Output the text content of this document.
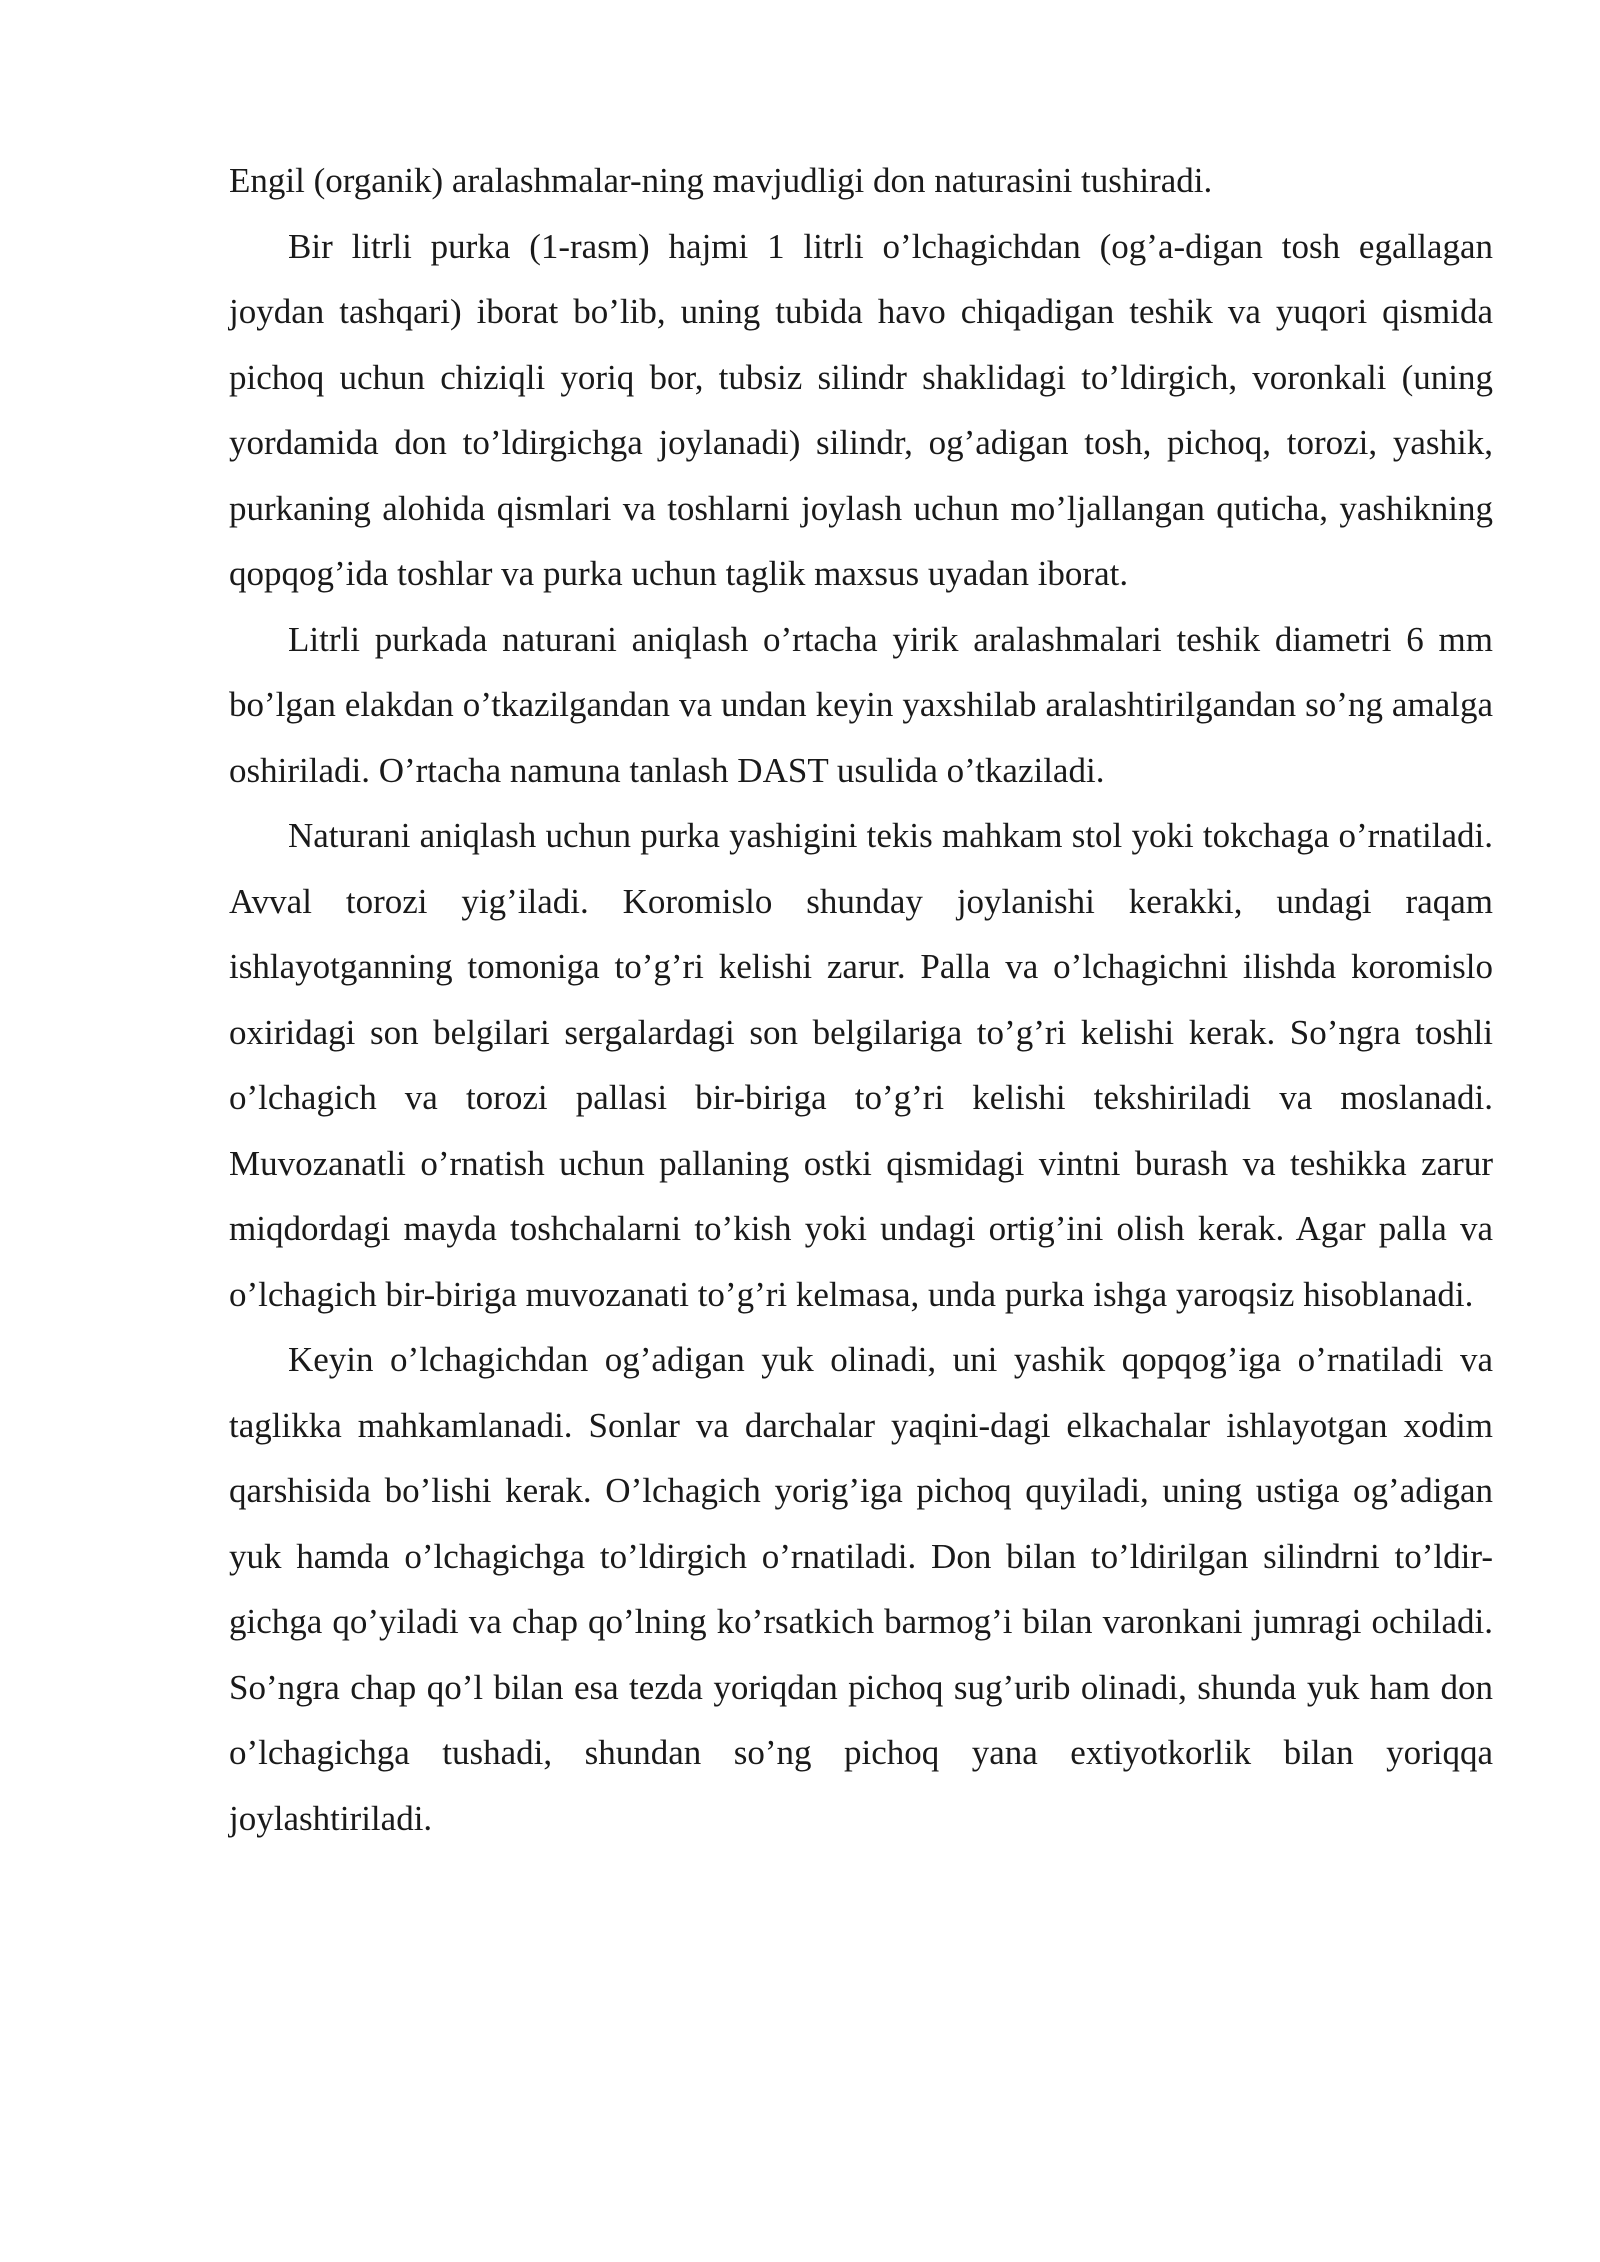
Engil (organik) aralashmalar-ning mavjudligi don naturasini tushiradi.

Bir litrli purka (1-rasm) hajmi 1 litrli o’lchagichdan (og’a-digan tosh egallagan joydan tashqari) iborat bo’lib, uning tubida havo chiqadigan teshik va yuqori qismida pichoq uchun chiziqli yoriq bor, tubsiz silindr shaklidagi to’ldirgich, voronkali (uning yordamida don to’ldirgichga joylanadi) silindr, og’adigan tosh, pichoq, torozi, yashik, purkaning alohida qismlari va toshlarni joylash uchun mo’ljallangan quticha, yashikning qopqog’ida toshlar va purka uchun taglik maxsus uyadan iborat.

Litrli purkada naturani aniqlash o’rtacha yirik aralashmalari teshik diametri 6 mm bo’lgan elakdan o’tkazilgandan va undan keyin yaxshilab aralashtirilgandan so’ng amalga oshiriladi. O’rtacha namuna tanlash DAST usulida o’tkaziladi.

Naturani aniqlash uchun purka yashigini tekis mahkam stol yoki tokchaga o’rnatiladi. Avval torozi yig’iladi. Koromislo shunday joylanishi kerakki, undagi raqam ishlayotganning tomoniga to’g’ri kelishi zarur. Palla va o’lchagichni ilishda koromislo oxiridagi son belgilari sergalardagi son belgilariga to’g’ri kelishi kerak. So’ngra toshli o’lchagich va torozi pallasi bir-biriga to’g’ri kelishi tekshiriladi va moslanadi. Muvozanatli o’rnatish uchun pallaning ostki qismidagi vintni burash va teshikka zarur miqdordagi mayda toshchalarni to’kish yoki undagi ortig’ini olish kerak. Agar palla va o’lchagich bir-biriga muvozanati to’g’ri kelmasa, unda purka ishga yaroqsiz hisoblanadi.

Keyin o’lchagichdan og’adigan yuk olinadi, uni yashik qopqog’iga o’rnatiladi va taglikka mahkamlanadi. Sonlar va darchalar yaqini-dagi elkachalar ishlayotgan xodim qarshisida bo’lishi kerak. O’lchagich yorig’iga pichoq quyiladi, uning ustiga og’adigan yuk hamda o’lchagichga to’ldirgich o’rnatiladi. Don bilan to’ldirilgan silindrni to’ldir-gichga qo’yiladi va chap qo’lning ko’rsatkich barmog’i bilan varonkani jumragi ochiladi. So’ngra chap qo’l bilan esa tezda yoriqdan pichoq sug’urib olinadi, shunda yuk ham don o’lchagichga tushadi, shundan so’ng pichoq yana extiyotkorlik bilan yoriqqa joylashtiriladi.
